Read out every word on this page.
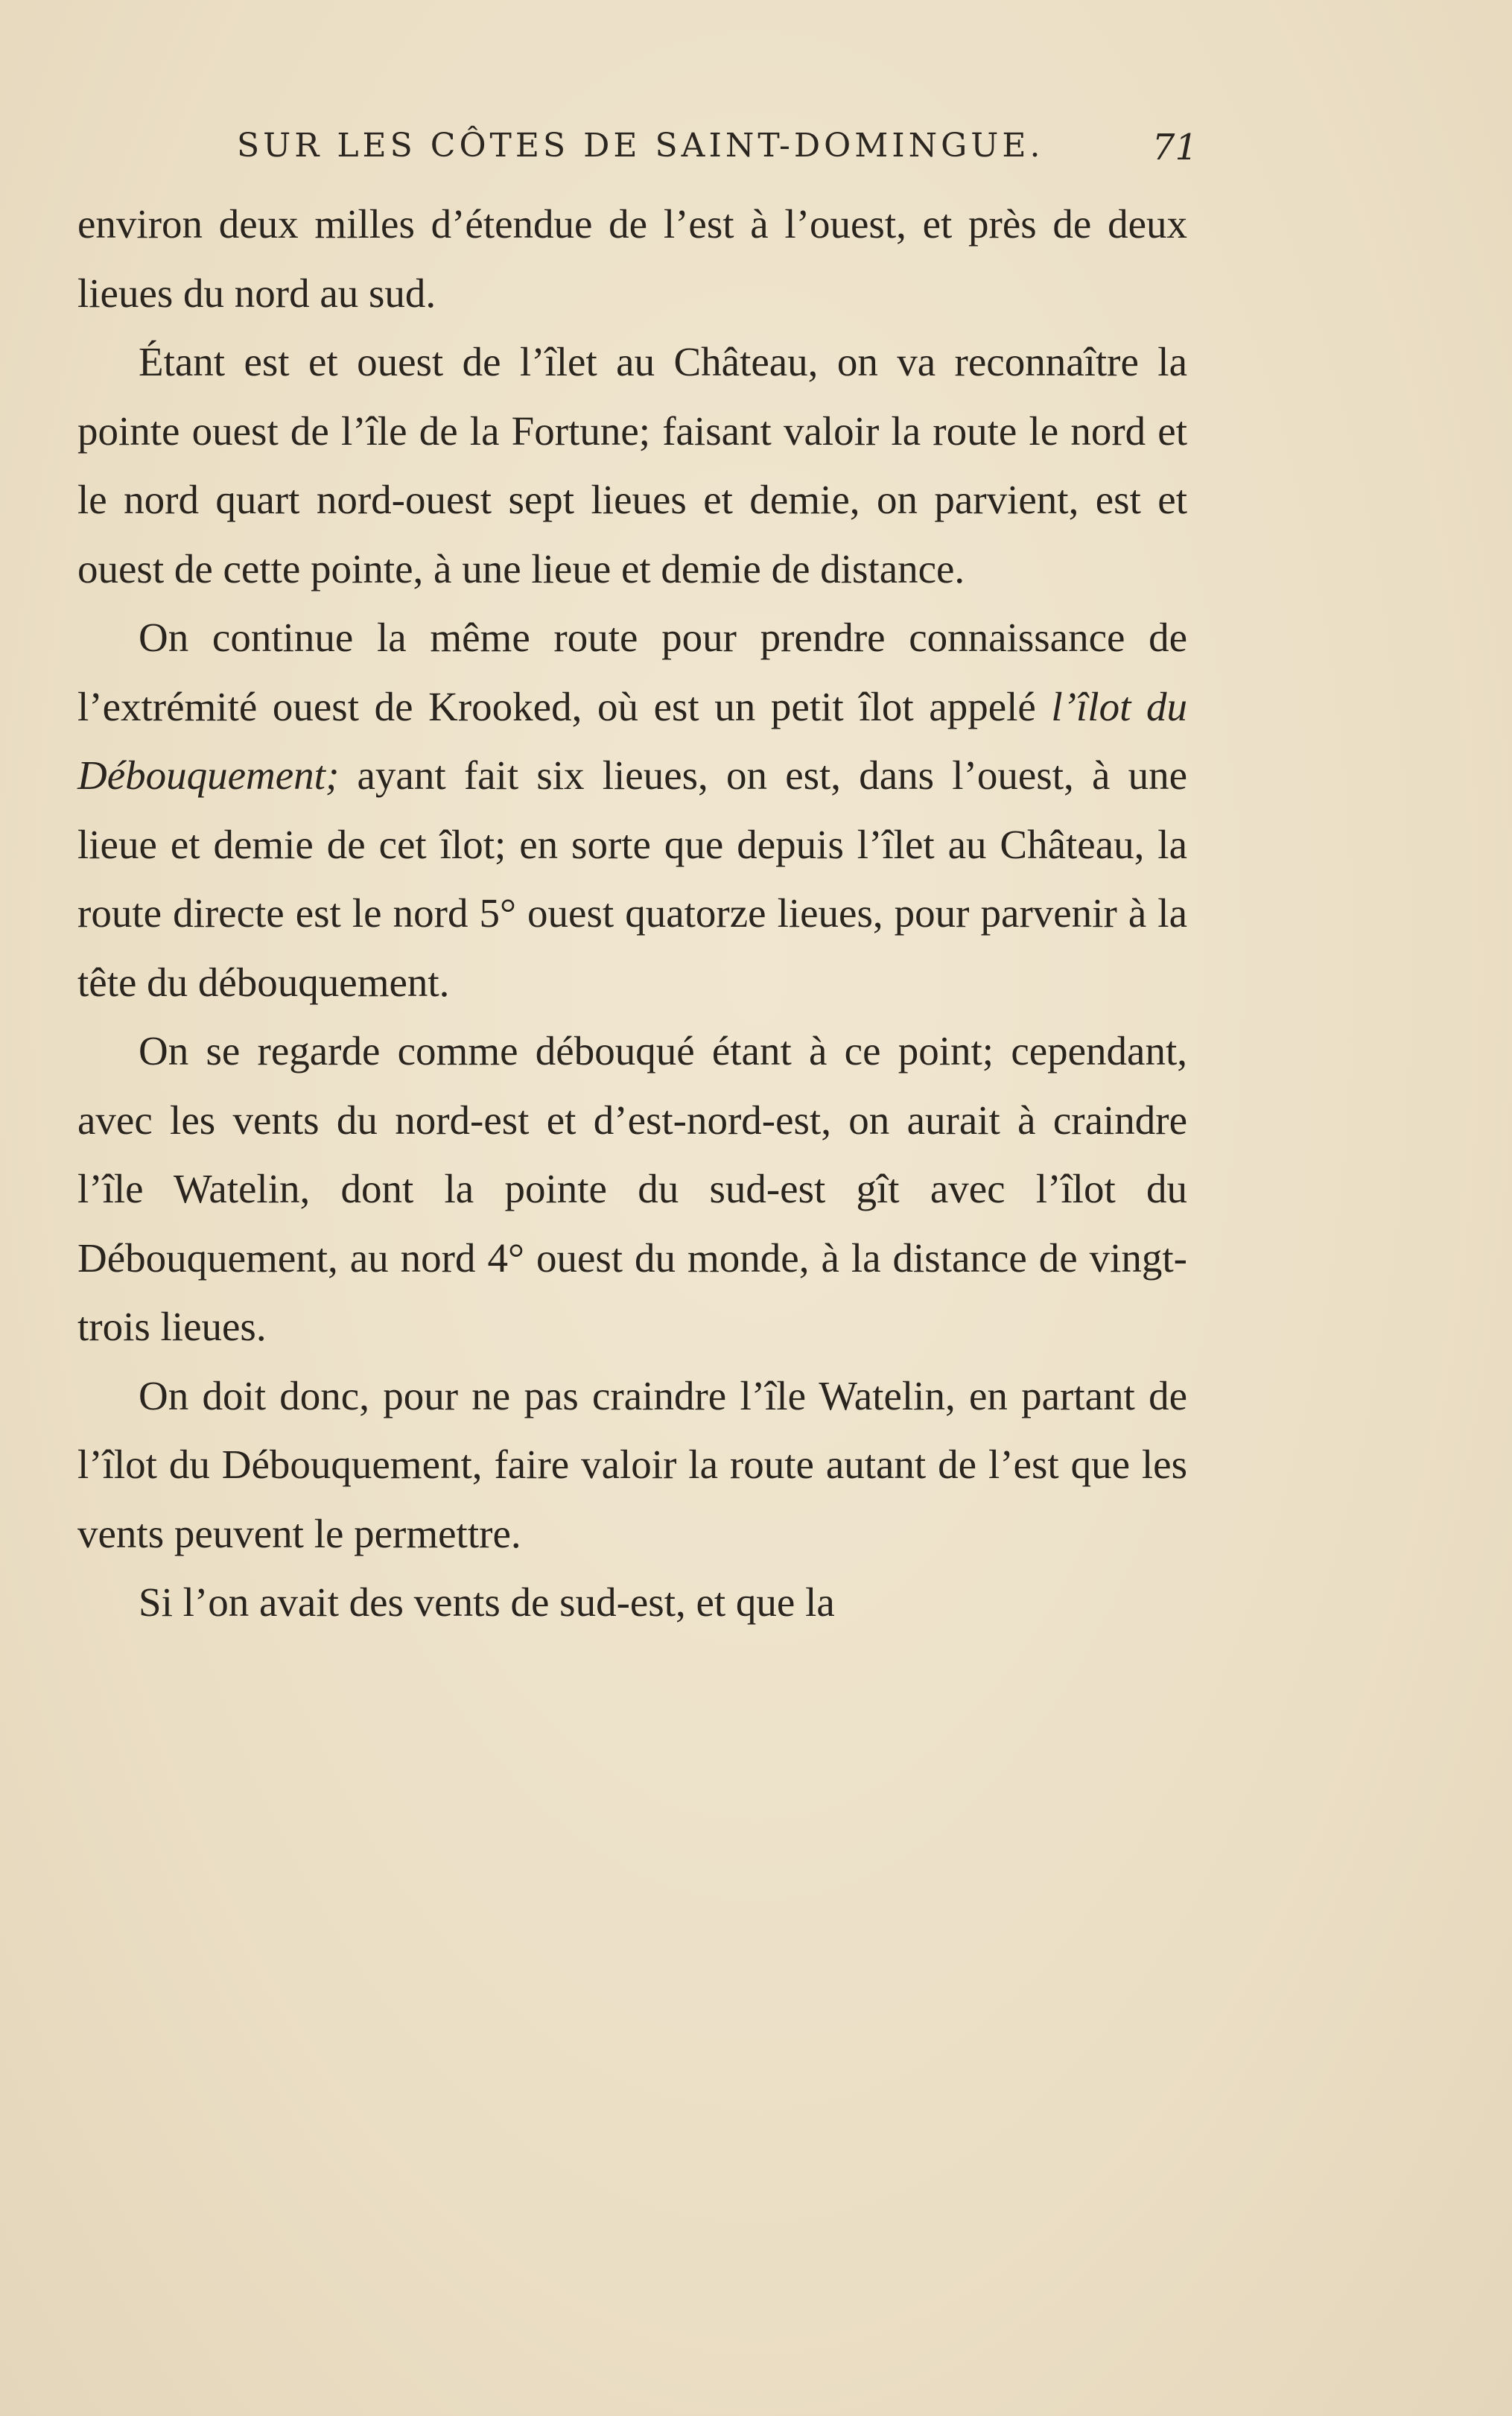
SUR LES CÔTES DE SAINT-DOMINGUE.	71

environ deux milles d’étendue de l’est à l’ouest, et près de deux lieues du nord au sud.

Étant est et ouest de l’îlet au Château, on va reconnaître la pointe ouest de l’île de la Fortune; faisant valoir la route le nord et le nord quart nord-ouest sept lieues et demie, on parvient, est et ouest de cette pointe, à une lieue et demie de distance.

On continue la même route pour prendre connaissance de l’extrémité ouest de Krooked, où est un petit îlot appelé l’îlot du Débouquement; ayant fait six lieues, on est, dans l’ouest, à une lieue et demie de cet îlot; en sorte que depuis l’îlet au Château, la route directe est le nord 5° ouest quatorze lieues, pour parvenir à la tête du débouquement.

On se regarde comme débouqué étant à ce point; cependant, avec les vents du nord-est et d’est-nord-est, on aurait à craindre l’île Watelin, dont la pointe du sud-est gît avec l’îlot du Débouquement, au nord 4° ouest du monde, à la distance de vingt-trois lieues.

On doit donc, pour ne pas craindre l’île Watelin, en partant de l’îlot du Débouquement, faire valoir la route autant de l’est que les vents peuvent le permettre.

Si l’on avait des vents de sud-est, et que la
